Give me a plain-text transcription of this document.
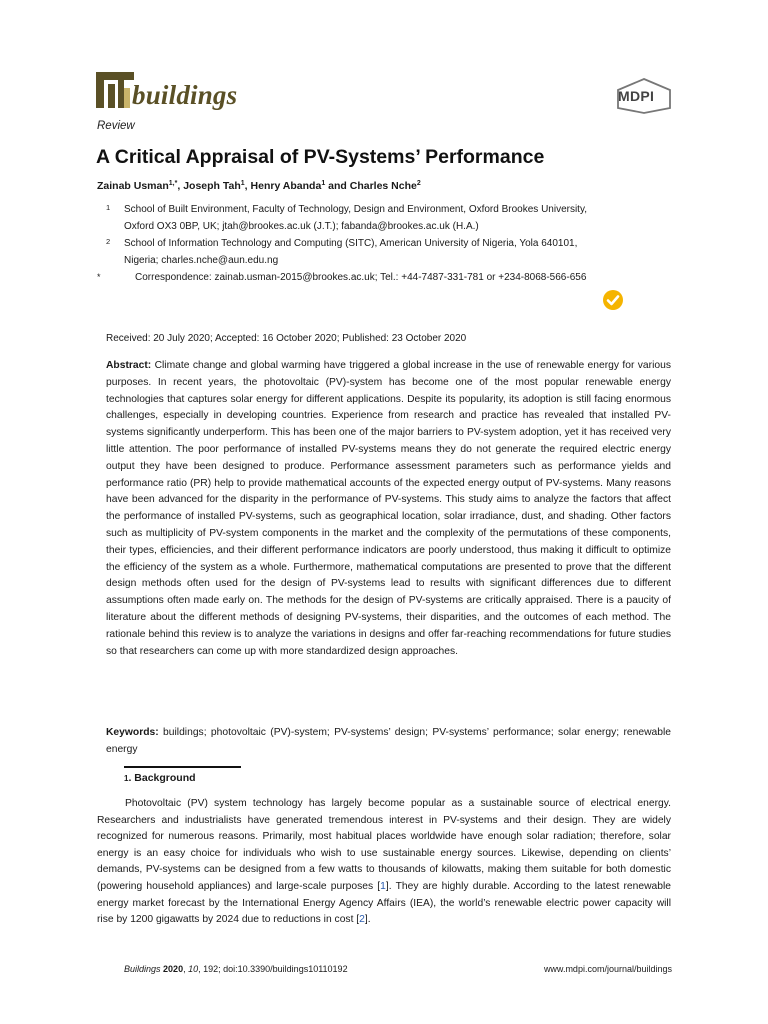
buildings	MDPI
Review
A Critical Appraisal of PV-Systems’ Performance
Zainab Usman$^{1,*}$, Joseph Tah$^1$, Henry Abanda$^1$ and Charles Nche$^2$
1	School of Built Environment, Faculty of Technology, Design and Environment, Oxford Brookes University,
Oxford OX3 0BP, UK; jtah@brookes.ac.uk (J.T.); fabanda@brookes.ac.uk (H.A.)
2	School of Information Technology and Computing (SITC), American University of Nigeria, Yola 640101,
Nigeria; charles.nche@aun.edu.ng
*	Correspondence: zainab.usman-2015@brookes.ac.uk; Tel.: +44-7487-331-781 or +234-8068-566-656
Received: 20 July 2020; Accepted: 16 October 2020; Published: 23 October 2020
Abstract: Climate change and global warming have triggered a global increase in the use of renewable energy for various purposes. In recent years, the photovoltaic (PV)-system has become one of the most popular renewable energy technologies that captures solar energy for different applications. Despite its popularity, its adoption is still facing enormous challenges, especially in developing countries. Experience from research and practice has revealed that installed PV-systems significantly underperform. This has been one of the major barriers to PV-system adoption, yet it has received very little attention. The poor performance of installed PV-systems means they do not generate the required electric energy output they have been designed to produce. Performance assessment parameters such as performance yields and performance ratio (PR) help to provide mathematical accounts of the expected energy output of PV-systems. Many reasons have been advanced for the disparity in the performance of PV-systems. This study aims to analyze the factors that affect the performance of installed PV-systems, such as geographical location, solar irradiance, dust, and shading. Other factors such as multiplicity of PV-system components in the market and the complexity of the permutations of these components, their types, efficiencies, and their different performance indicators are poorly understood, thus making it difficult to optimize the efficiency of the system as a whole. Furthermore, mathematical computations are presented to prove that the different design methods often used for the design of PV-systems lead to results with significant differences due to different assumptions often made early on. The methods for the design of PV-systems are critically appraised. There is a paucity of literature about the different methods of designing PV-systems, their disparities, and the outcomes of each method. The rationale behind this review is to analyze the variations in designs and offer far-reaching recommendations for future studies so that researchers can come up with more standardized design approaches.
Keywords: buildings; photovoltaic (PV)-system; PV-systems’ design; PV-systems’ performance; solar energy; renewable energy
1. Background
Photovoltaic (PV) system technology has largely become popular as a sustainable source of electrical energy. Researchers and industrialists have generated tremendous interest in PV-systems and their design. They are widely recognized for numerous reasons. Primarily, most habitual places worldwide have enough solar radiation; therefore, solar energy is an easy choice for individuals who wish to use sustainable energy sources. Likewise, depending on clients’ demands, PV-systems can be designed from a few watts to thousands of kilowatts, making them suitable for both domestic (powering household appliances) and large-scale purposes [1]. They are highly durable. According to the latest renewable energy market forecast by the International Energy Agency Affairs (IEA), the world’s renewable electric power capacity will rise by 1200 gigawatts by 2024 due to reductions in cost [2].
Buildings 2020, 10, 192; doi:10.3390/buildings10110192	www.mdpi.com/journal/buildings
